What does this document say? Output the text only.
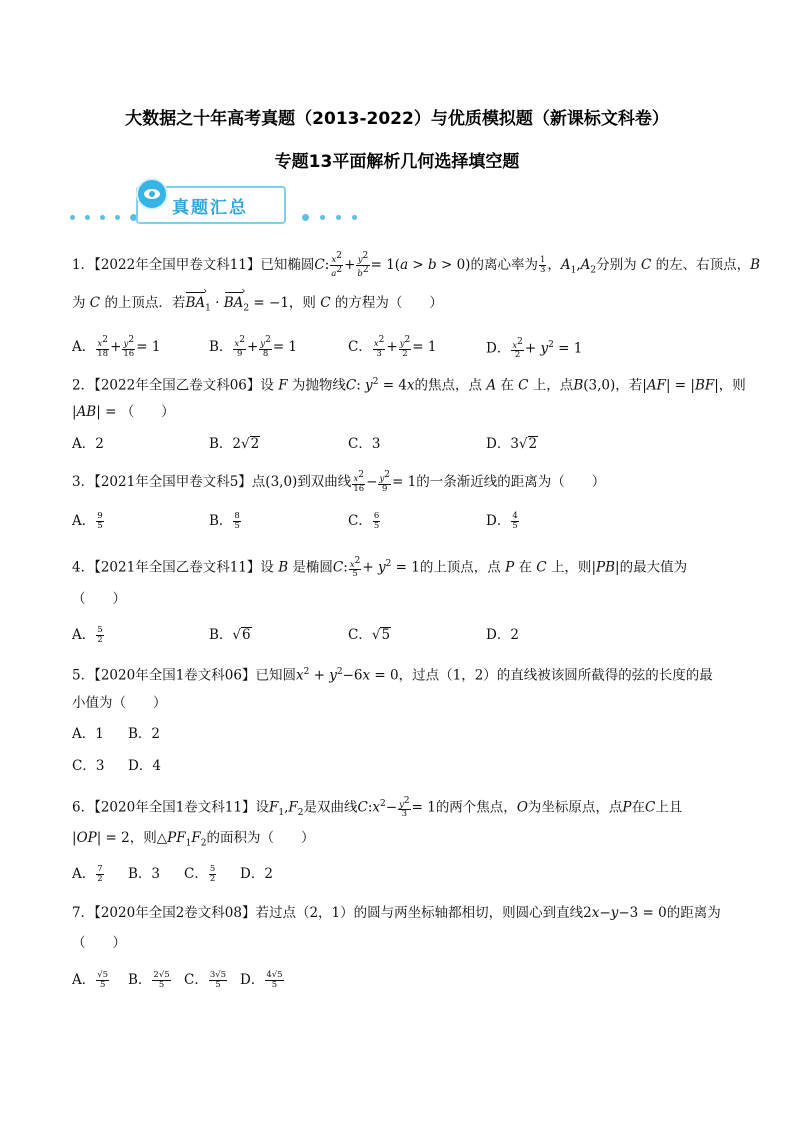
大数据之十年高考真题（2013-2022）与优质模拟题（新课标文科卷）
专题13平面解析几何选择填空题
真题汇总
1．【2022年全国甲卷文科11】已知椭圆C: $\frac{x^2}{a^2} + \frac{y^2}{b^2} = 1(a > b > 0)$的离心率为 $\frac{1}{3}$ ，$A_1,A_2$分别为 C 的左、右顶点，B
为 C 的上顶点．若BA $›_1$ · BA $›_2 = -1$，则 C 的方程为（　　）
A． $\frac{x^2}{18} + \frac{y^2}{16} = 1$	B． $\frac{x^2}{9} + \frac{y^2}{8} = 1$	C． $\frac{x^2}{3} + \frac{y^2}{2} = 1$	D． $\frac{x^2}{2} + y^2 = 1$
2．【2022年全国乙卷文科06】设 F 为抛物线C: $y^2 = 4x$的焦点，点 A 在 C 上，点B(3,0)，若|AF| = |BF|，则
|AB| = （　　）
A．2	B．2√2	C．3	D．3√2
3．【2021年全国甲卷文科5】点(3,0)到双曲线 $\frac{x^2}{16} - \frac{y^2}{9} = 1$的一条渐近线的距离为（　　）
A． $\frac{9}{5}$	B． $\frac{8}{5}$	C． $\frac{6}{5}$	D． $\frac{4}{5}$
4．【2021年全国乙卷文科11】设 B 是椭圆C: $\frac{x^2}{5} + y^2 = 1$的上顶点，点 P 在 C 上，则|PB|的最大值为
（　　）
A． $\frac{5}{2}$	B．√6	C．√5	D．2
5．【2020年全国1卷文科06】已知圆$x^2 + y^2-6x = 0$，过点（1，2）的直线被该圆所截得的弦的长度的最
小值为（　　）
A．1 B．2
C．3 D．4
6．【2020年全国1卷文科11】设$F_1,F_2$是双曲线$C:x^2- \frac{y^2}{3} = 1$的两个焦点，O为坐标原点，点P在C上且
|OP| = 2，则$\triangle PF_1F_2$的面积为（　　）
A． $\frac{7}{2}$ B．3 C． $\frac{5}{2}$ D．2
7．【2020年全国2卷文科08】若过点（2，1）的圆与两坐标轴都相切，则圆心到直线2x−y−3 = 0的距离为
（　　）
A． $\frac{√5}{5}$ B． $\frac{2√5}{5}$ C． $\frac{3√5}{5}$ D． $\frac{4√5}{5}$
